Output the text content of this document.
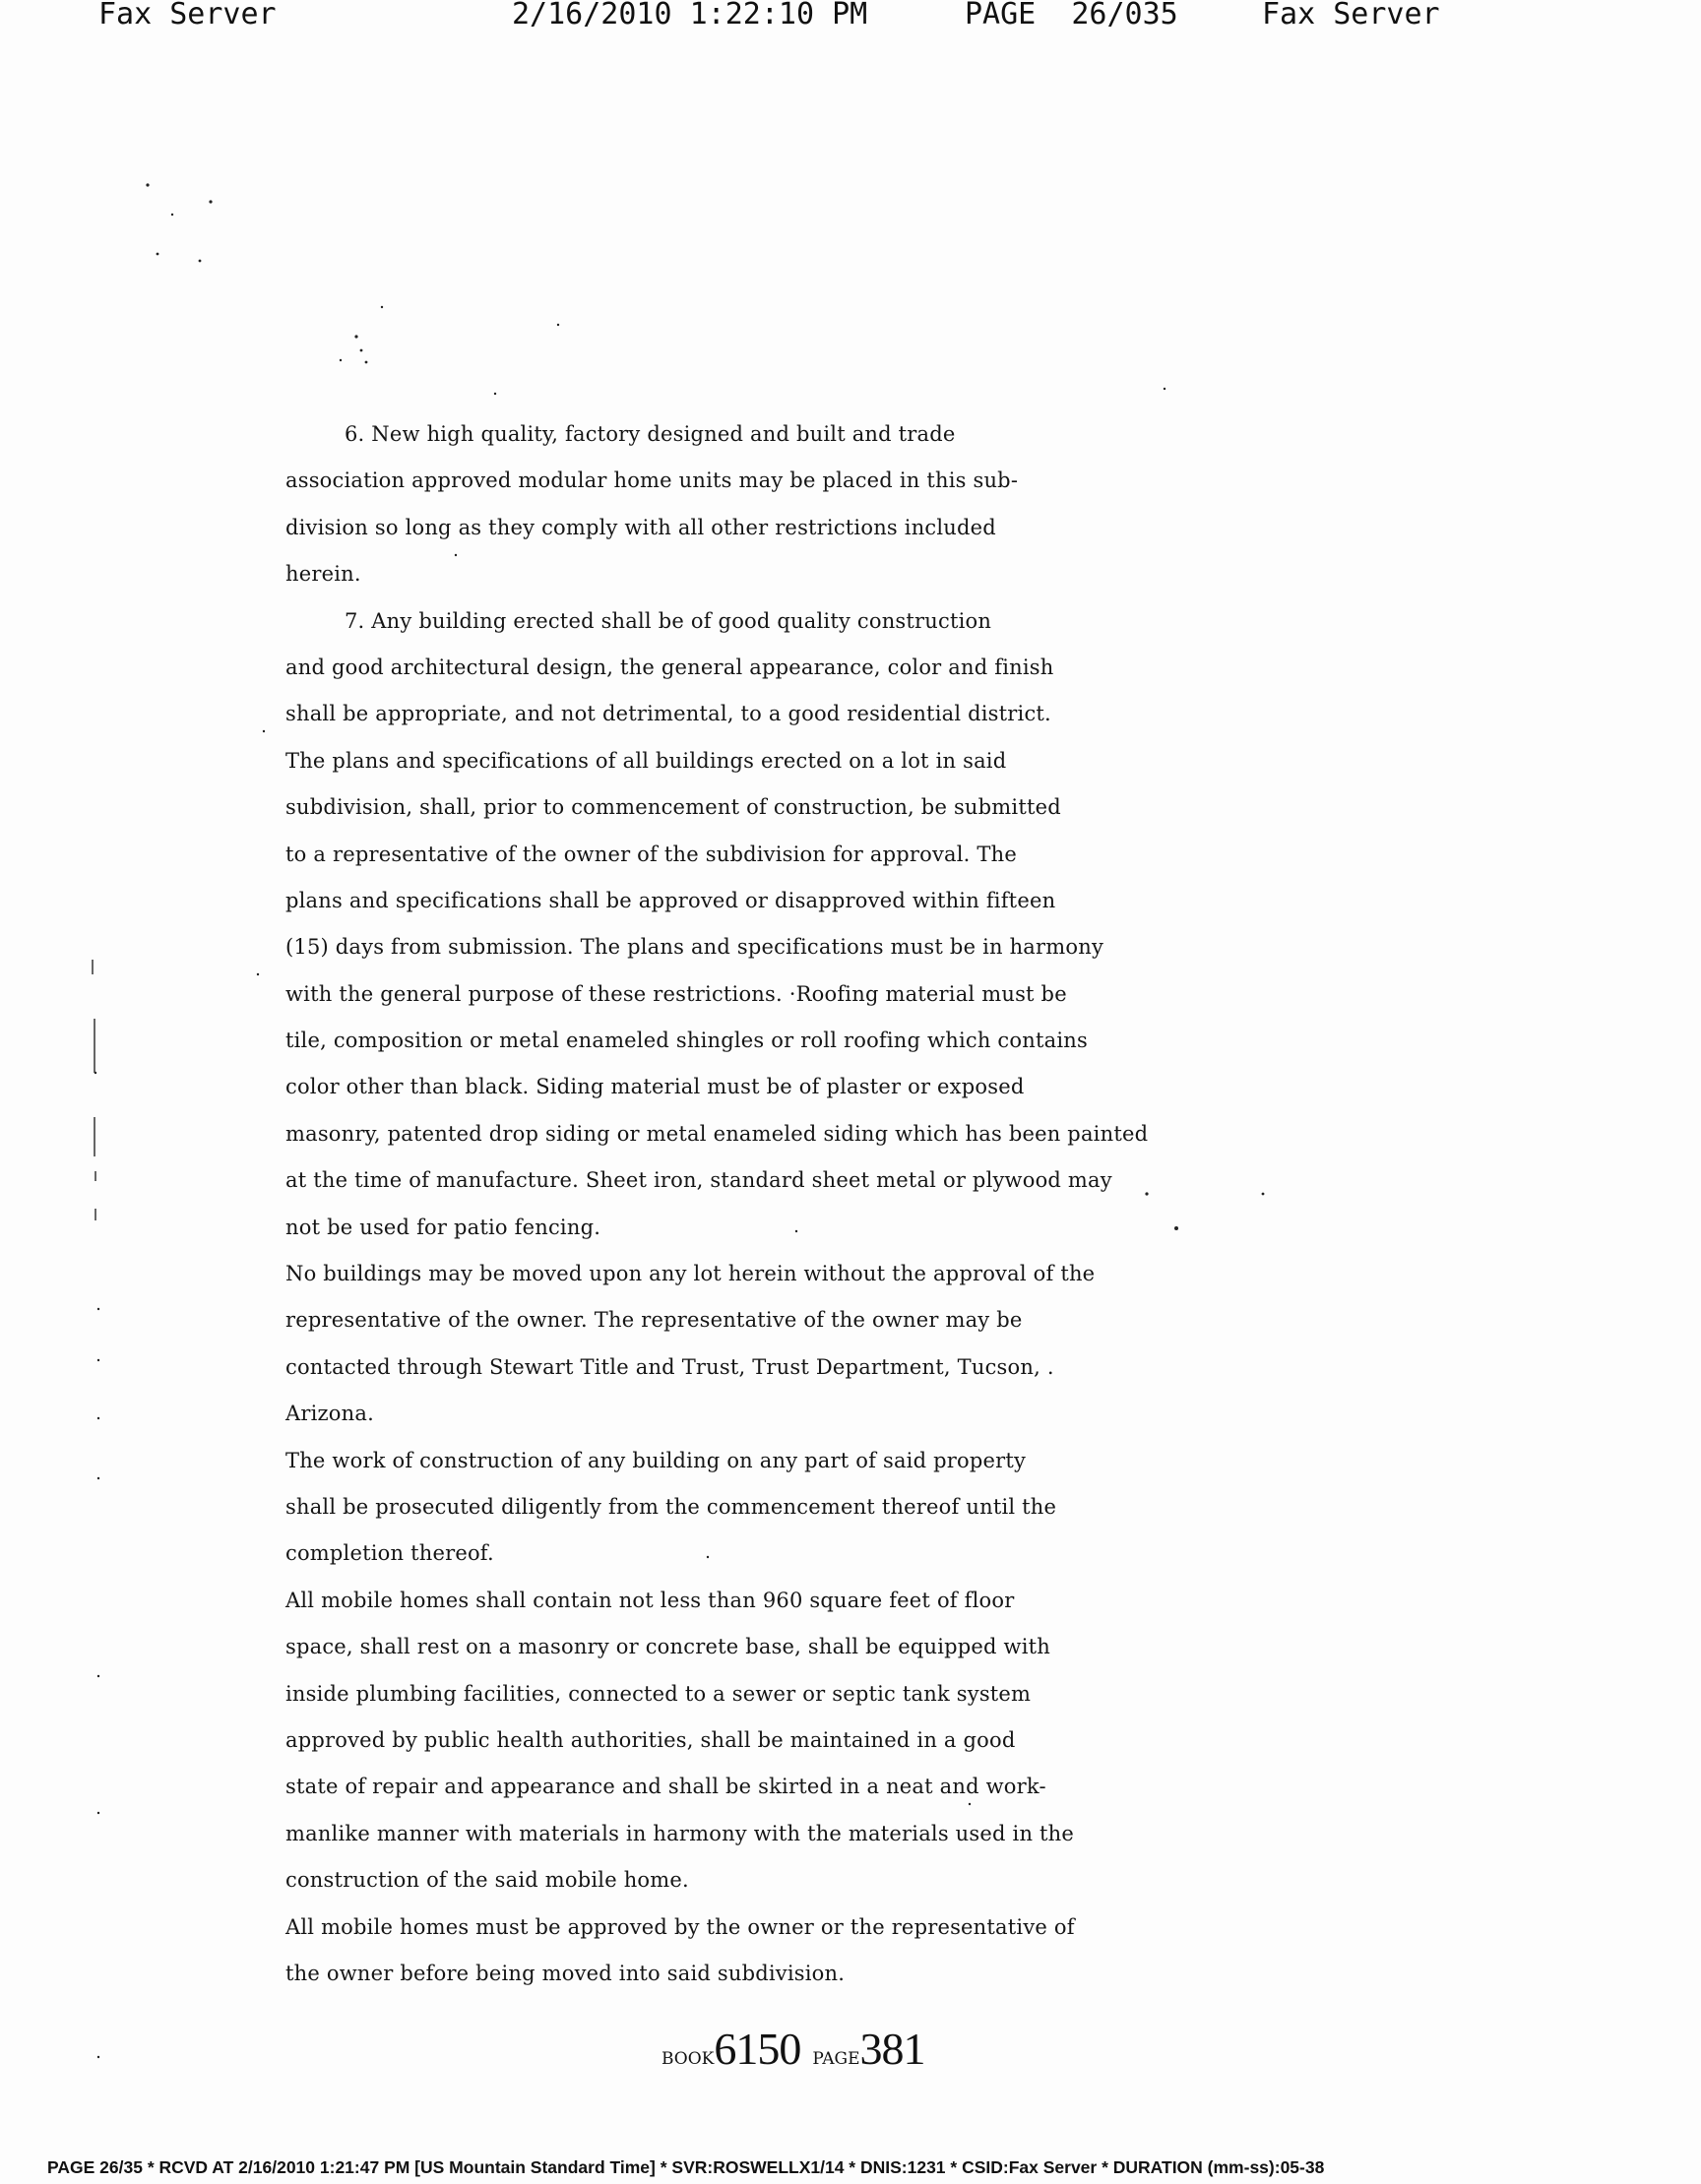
Fax Server	2/16/2010 1:22:10 PM	PAGE  26/035	Fax Server
6. New high quality, factory designed and built and trade
association approved modular home units may be placed in this sub-
division so long as they comply with all other restrictions included
herein.
7. Any building erected shall be of good quality construction
and good architectural design, the general appearance, color and finish
shall be appropriate, and not detrimental, to a good residential district.
The plans and specifications of all buildings erected on a lot in said
subdivision, shall, prior to commencement of construction, be submitted
to a representative of the owner of the subdivision for approval. The
plans and specifications shall be approved or disapproved within fifteen
(15) days from submission. The plans and specifications must be in harmony
with the general purpose of these restrictions. ·Roofing material must be
tile, composition or metal enameled shingles or roll roofing which contains
color other than black. Siding material must be of plaster or exposed
masonry, patented drop siding or metal enameled siding which has been painted
at the time of manufacture. Sheet iron, standard sheet metal or plywood may
not be used for patio fencing.
No buildings may be moved upon any lot herein without the approval of the
representative of the owner. The representative of the owner may be
contacted through Stewart Title and Trust, Trust Department, Tucson, .
Arizona.
The work of construction of any building on any part of said property
shall be prosecuted diligently from the commencement thereof until the
completion thereof.
All mobile homes shall contain not less than 960 square feet of floor
space, shall rest on a masonry or concrete base, shall be equipped with
inside plumbing facilities, connected to a sewer or septic tank system
approved by public health authorities, shall be maintained in a good
state of repair and appearance and shall be skirted in a neat and work-
manlike manner with materials in harmony with the materials used in the
construction of the said mobile home.
All mobile homes must be approved by the owner or the representative of
the owner before being moved into said subdivision.
BOOK6150 PAGE381
PAGE 26/35 * RCVD AT 2/16/2010 1:21:47 PM [US Mountain Standard Time] * SVR:ROSWELLX1/14 * DNIS:1231 * CSID:Fax Server * DURATION (mm-ss):05-38
